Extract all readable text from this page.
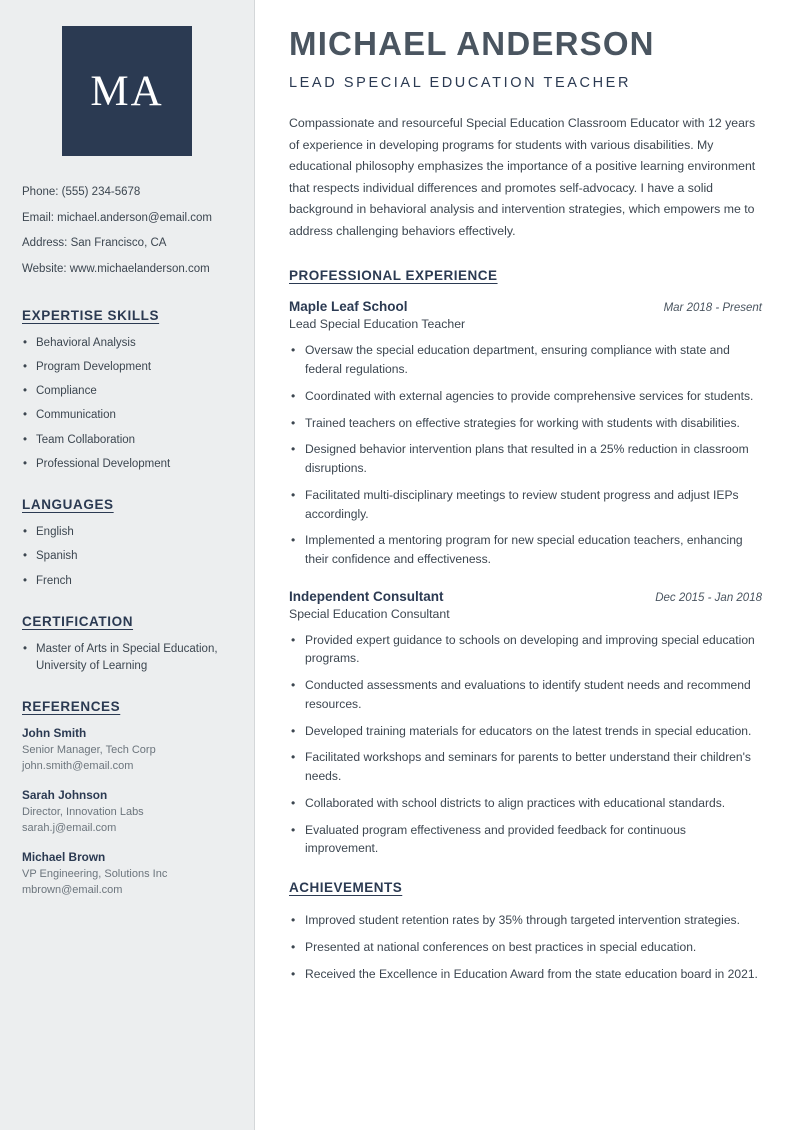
MA
Phone: (555) 234-5678
Email: michael.anderson@email.com
Address: San Francisco, CA
Website: www.michaelanderson.com
EXPERTISE SKILLS
• Behavioral Analysis
• Program Development
• Compliance
• Communication
• Team Collaboration
• Professional Development
LANGUAGES
• English
• Spanish
• French
CERTIFICATION
• Master of Arts in Special Education, University of Learning
REFERENCES
John Smith
Senior Manager, Tech Corp
john.smith@email.com
Sarah Johnson
Director, Innovation Labs
sarah.j@email.com
Michael Brown
VP Engineering, Solutions Inc
mbrown@email.com
MICHAEL ANDERSON
LEAD SPECIAL EDUCATION TEACHER

Compassionate and resourceful Special Education Classroom Educator with 12 years of experience in developing programs for students with various disabilities. My educational philosophy emphasizes the importance of a positive learning environment that respects individual differences and promotes self-advocacy. I have a solid background in behavioral analysis and intervention strategies, which empowers me to address challenging behaviors effectively.

PROFESSIONAL EXPERIENCE
Maple Leaf School	Mar 2018 - Present
Lead Special Education Teacher
• Oversaw the special education department, ensuring compliance with state and federal regulations.
• Coordinated with external agencies to provide comprehensive services for students.
• Trained teachers on effective strategies for working with students with disabilities.
• Designed behavior intervention plans that resulted in a 25% reduction in classroom disruptions.
• Facilitated multi-disciplinary meetings to review student progress and adjust IEPs accordingly.
• Implemented a mentoring program for new special education teachers, enhancing their confidence and effectiveness.
Independent Consultant	Dec 2015 - Jan 2018
Special Education Consultant
• Provided expert guidance to schools on developing and improving special education programs.
• Conducted assessments and evaluations to identify student needs and recommend resources.
• Developed training materials for educators on the latest trends in special education.
• Facilitated workshops and seminars for parents to better understand their children's needs.
• Collaborated with school districts to align practices with educational standards.
• Evaluated program effectiveness and provided feedback for continuous improvement.
ACHIEVEMENTS
• Improved student retention rates by 35% through targeted intervention strategies.
• Presented at national conferences on best practices in special education.
• Received the Excellence in Education Award from the state education board in 2021.
